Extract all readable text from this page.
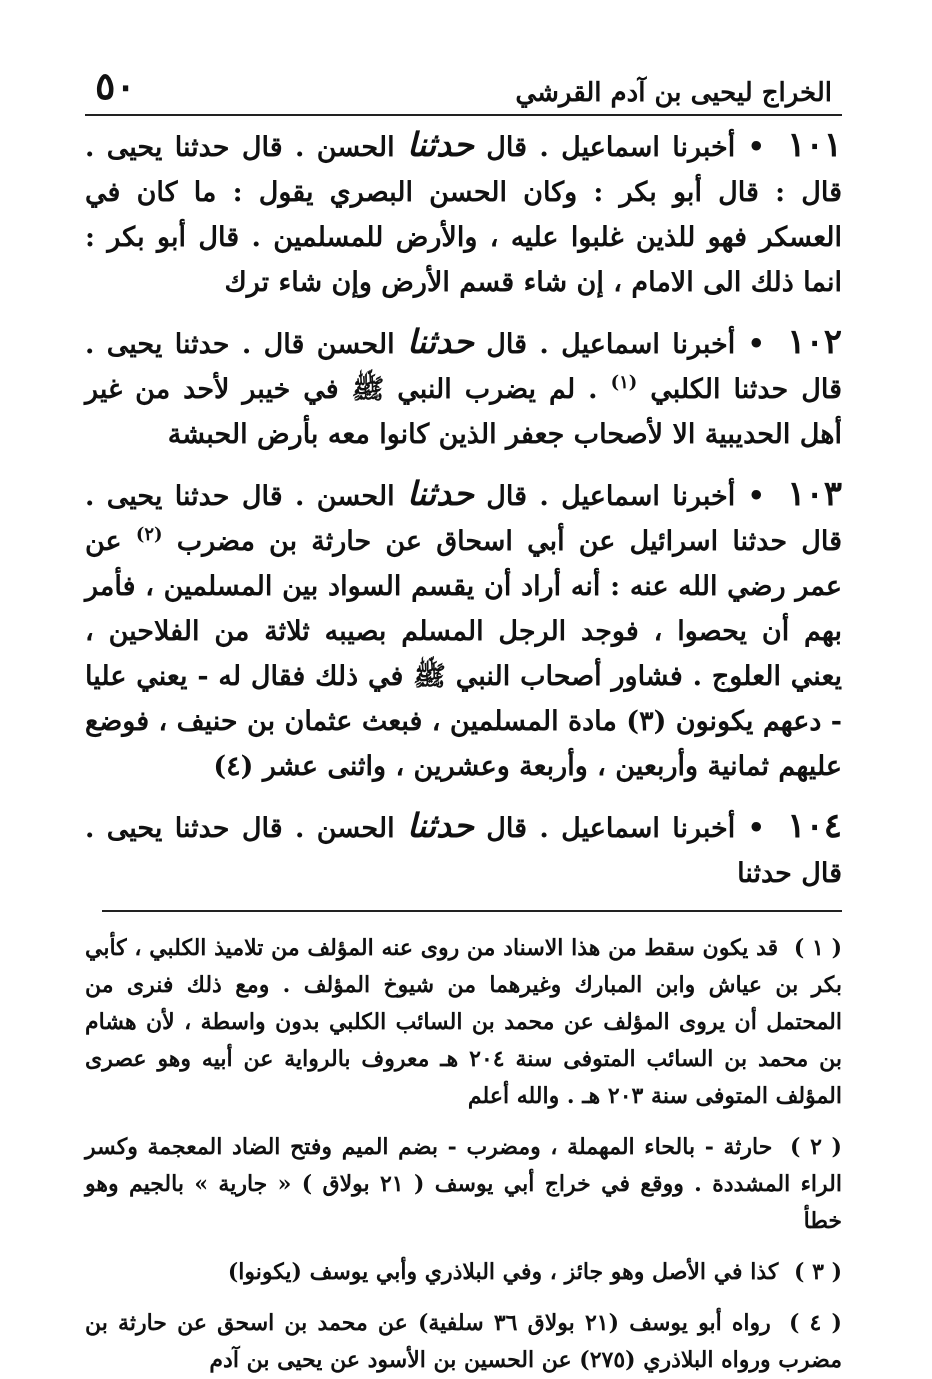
الخراج ليحيى بن آدم القرشي
٥٠

١٠١ • أخبرنا اسماعيل . قال حدثنا الحسن . قال حدثنا يحيى . قال : قال أبو بكر : وكان الحسن البصري يقول : ما كان في العسكر فهو للذين غلبوا عليه ، والأرض للمسلمين . قال أبو بكر : انما ذلك الى الامام ، إن شاء قسم الأرض وإن شاء ترك

١٠٢ • أخبرنا اسماعيل . قال حدثنا الحسن قال . حدثنا يحيى . قال حدثنا الكلبي $^{(١)}$ . لم يضرب النبي ﷺ في خيبر لأحد من غير أهل الحديبية الا لأصحاب جعفر الذين كانوا معه بأرض الحبشة

١٠٣ • أخبرنا اسماعيل . قال حدثنا الحسن . قال حدثنا يحيى . قال حدثنا اسرائيل عن أبي اسحاق عن حارثة بن مضرب $^{(٢)}$ عن عمر رضي الله عنه : أنه أراد أن يقسم السواد بين المسلمين ، فأمر بهم أن يحصوا ، فوجد الرجل المسلم بصيبه ثلاثة من الفلاحين ، يعني العلوج . فشاور أصحاب النبي ﷺ في ذلك فقال له - يعني عليا - دعهم يكونون (٣) مادة المسلمين ، فبعث عثمان بن حنيف ، فوضع عليهم ثمانية وأربعين ، وأربعة وعشرين ، واثنى عشر (٤)

١٠٤ • أخبرنا اسماعيل . قال حدثنا الحسن . قال حدثنا يحيى . قال حدثنا

( ١ ) قد يكون سقط من هذا الاسناد من روى عنه المؤلف من تلاميذ الكلبي ، كأبي بكر بن عياش وابن المبارك وغيرهما من شيوخ المؤلف . ومع ذلك فنرى من المحتمل أن يروى المؤلف عن محمد بن السائب الكلبي بدون واسطة ، لأن هشام بن محمد بن السائب المتوفى سنة ٢٠٤ هـ معروف بالرواية عن أبيه وهو عصرى المؤلف المتوفى سنة ٢٠٣ هـ . والله أعلم

( ٢ ) حارثة - بالحاء المهملة ، ومضرب - بضم الميم وفتح الضاد المعجمة وكسر الراء المشددة . ووقع في خراج أبي يوسف ( ٢١ بولاق ) « جارية » بالجيم وهو خطأ

( ٣ ) كذا في الأصل وهو جائز ، وفي البلاذري وأبي يوسف (يكونوا)

( ٤ ) رواه أبو يوسف (٢١ بولاق ٣٦ سلفية) عن محمد بن اسحق عن حارثة بن مضرب ورواه البلاذري (٢٧٥) عن الحسين بن الأسود عن يحيى بن آدم
